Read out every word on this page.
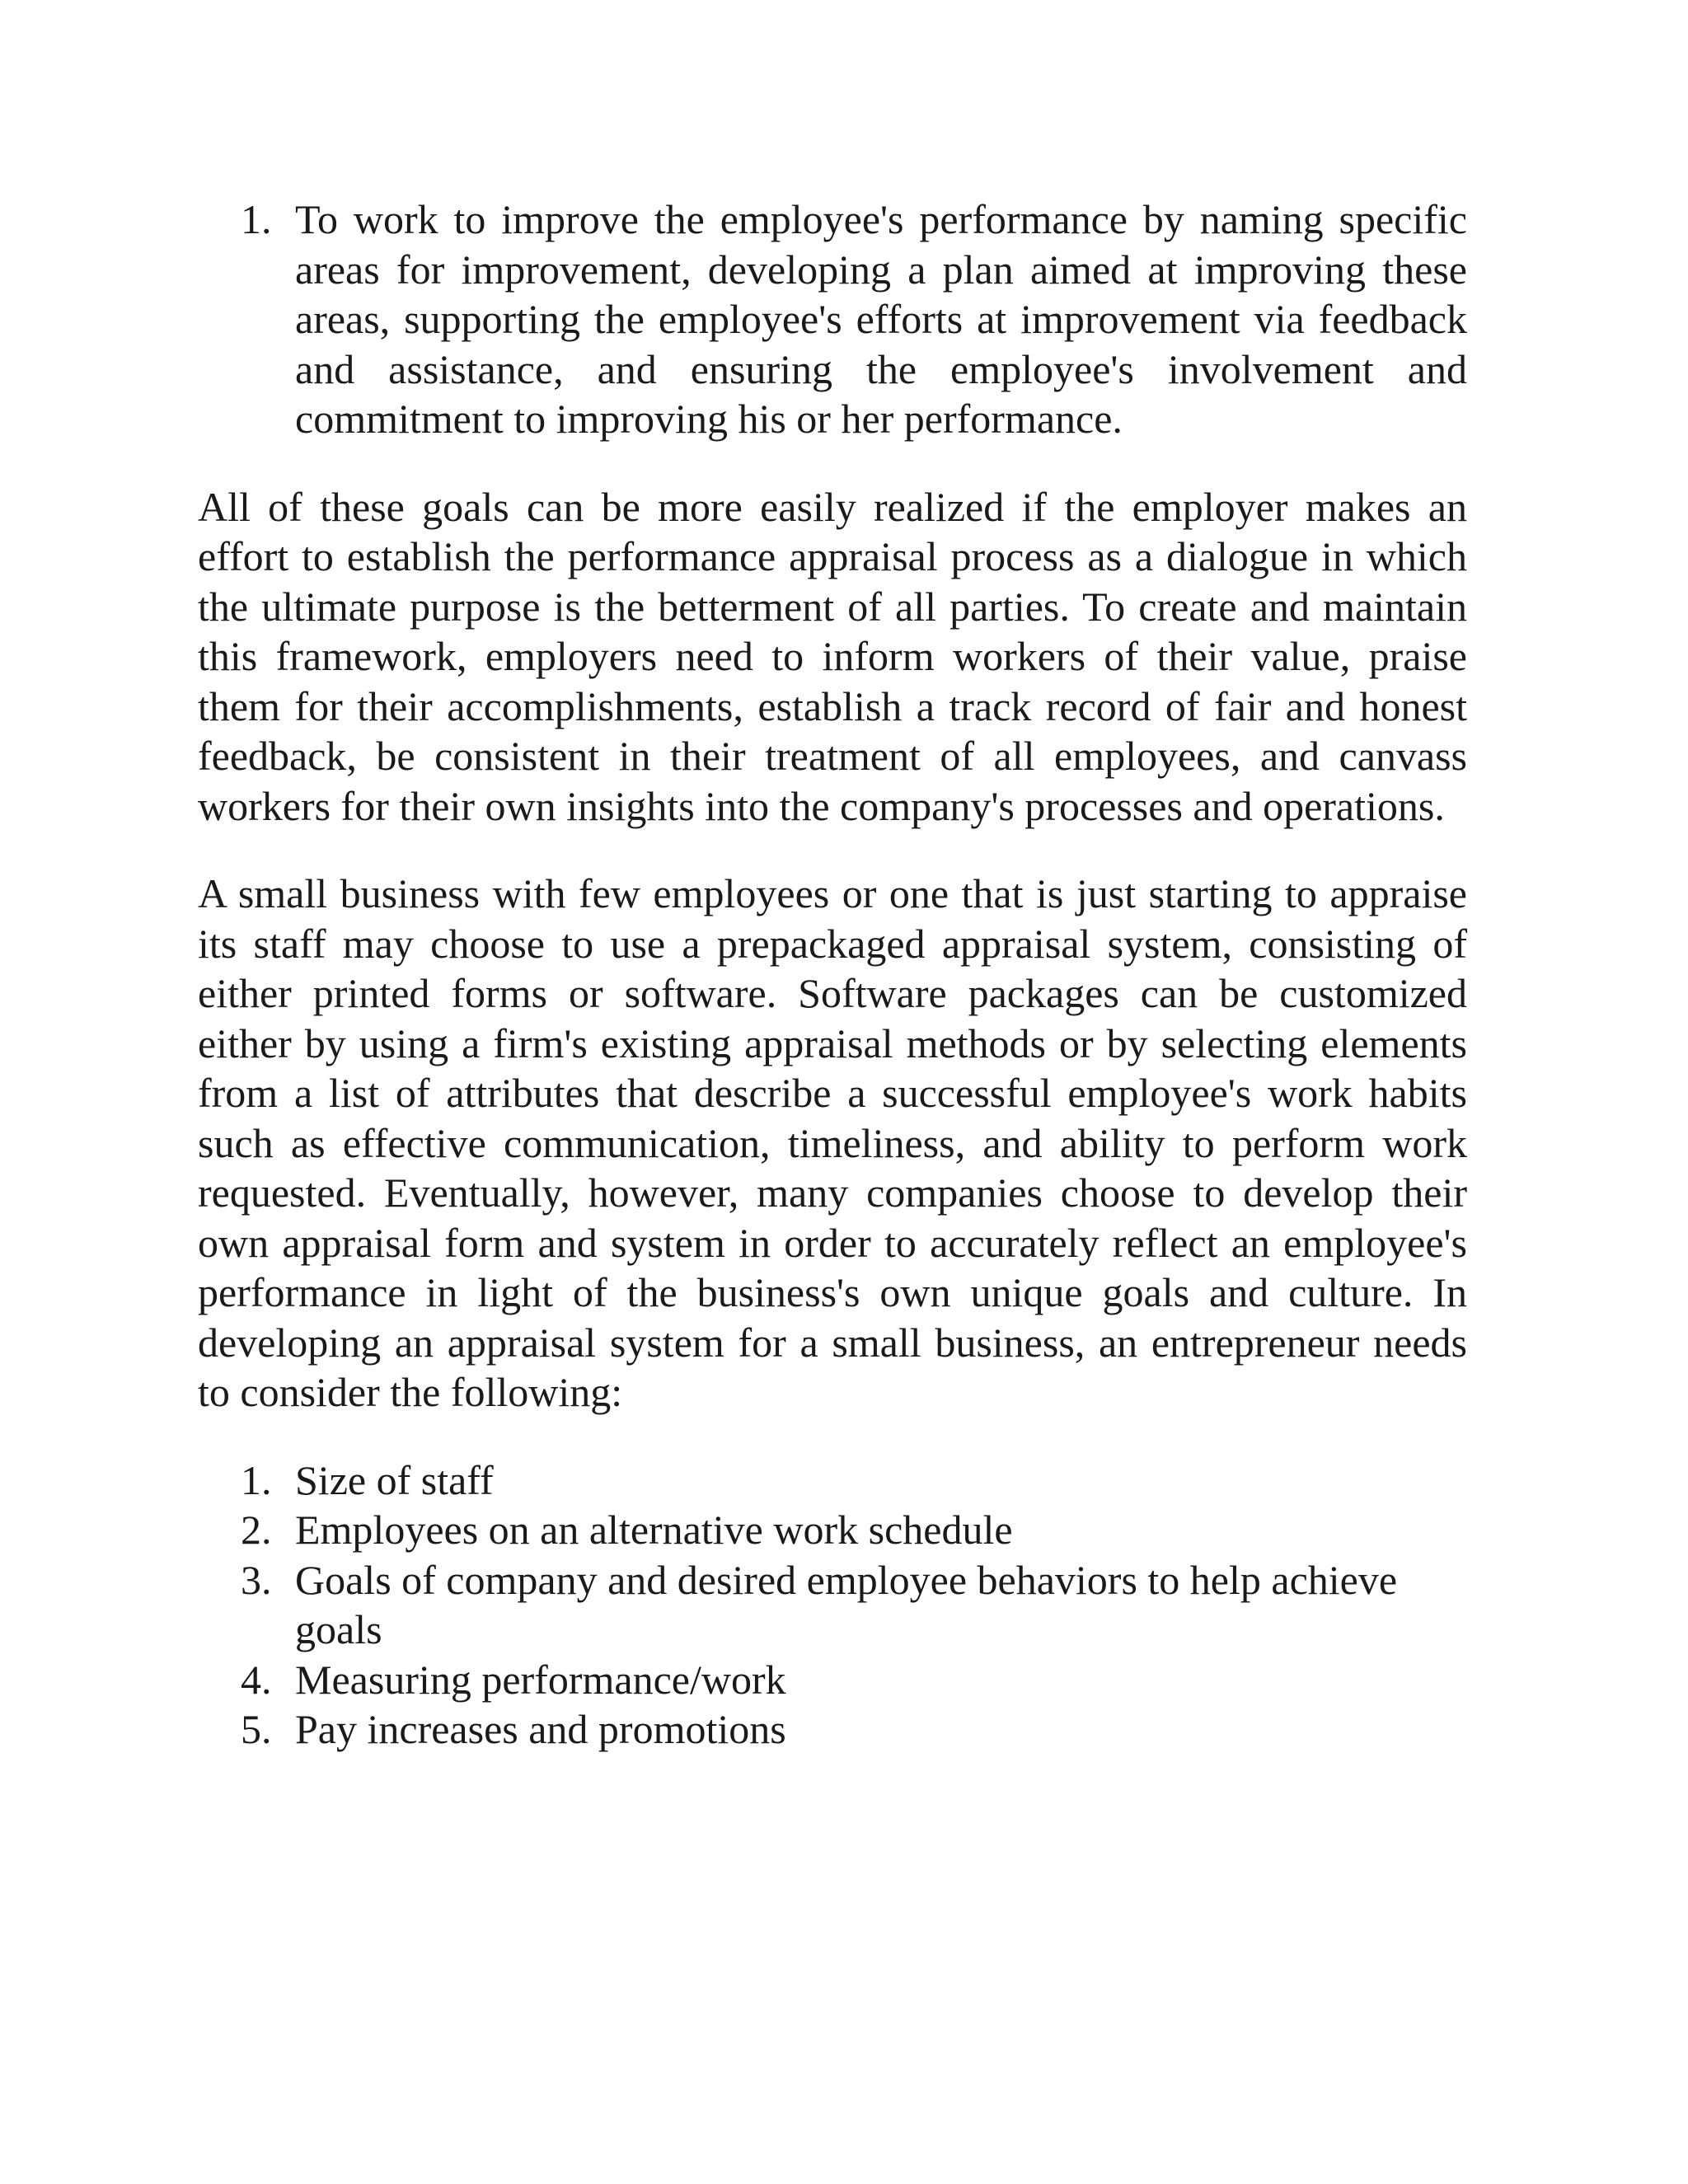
1. To work to improve the employee's performance by naming specific areas for improvement, developing a plan aimed at improving these areas, supporting the employee's efforts at improvement via feedback and assistance, and ensuring the employee's involvement and commitment to improving his or her performance.

All of these goals can be more easily realized if the employer makes an effort to establish the performance appraisal process as a dialogue in which the ultimate purpose is the betterment of all parties. To create and maintain this framework, employers need to inform workers of their value, praise them for their accomplishments, establish a track record of fair and honest feedback, be consistent in their treatment of all employees, and canvass workers for their own insights into the company's processes and operations.

A small business with few employees or one that is just starting to appraise its staff may choose to use a prepackaged appraisal system, consisting of either printed forms or software. Software packages can be customized either by using a firm's existing appraisal methods or by selecting elements from a list of attributes that describe a successful employee's work habits such as effective communication, timeliness, and ability to perform work requested. Eventually, however, many companies choose to develop their own appraisal form and system in order to accurately reflect an employee's performance in light of the business's own unique goals and culture. In developing an appraisal system for a small business, an entrepreneur needs to consider the following:

1. Size of staff
2. Employees on an alternative work schedule
3. Goals of company and desired employee behaviors to help achieve goals
4. Measuring performance/work
5. Pay increases and promotions
